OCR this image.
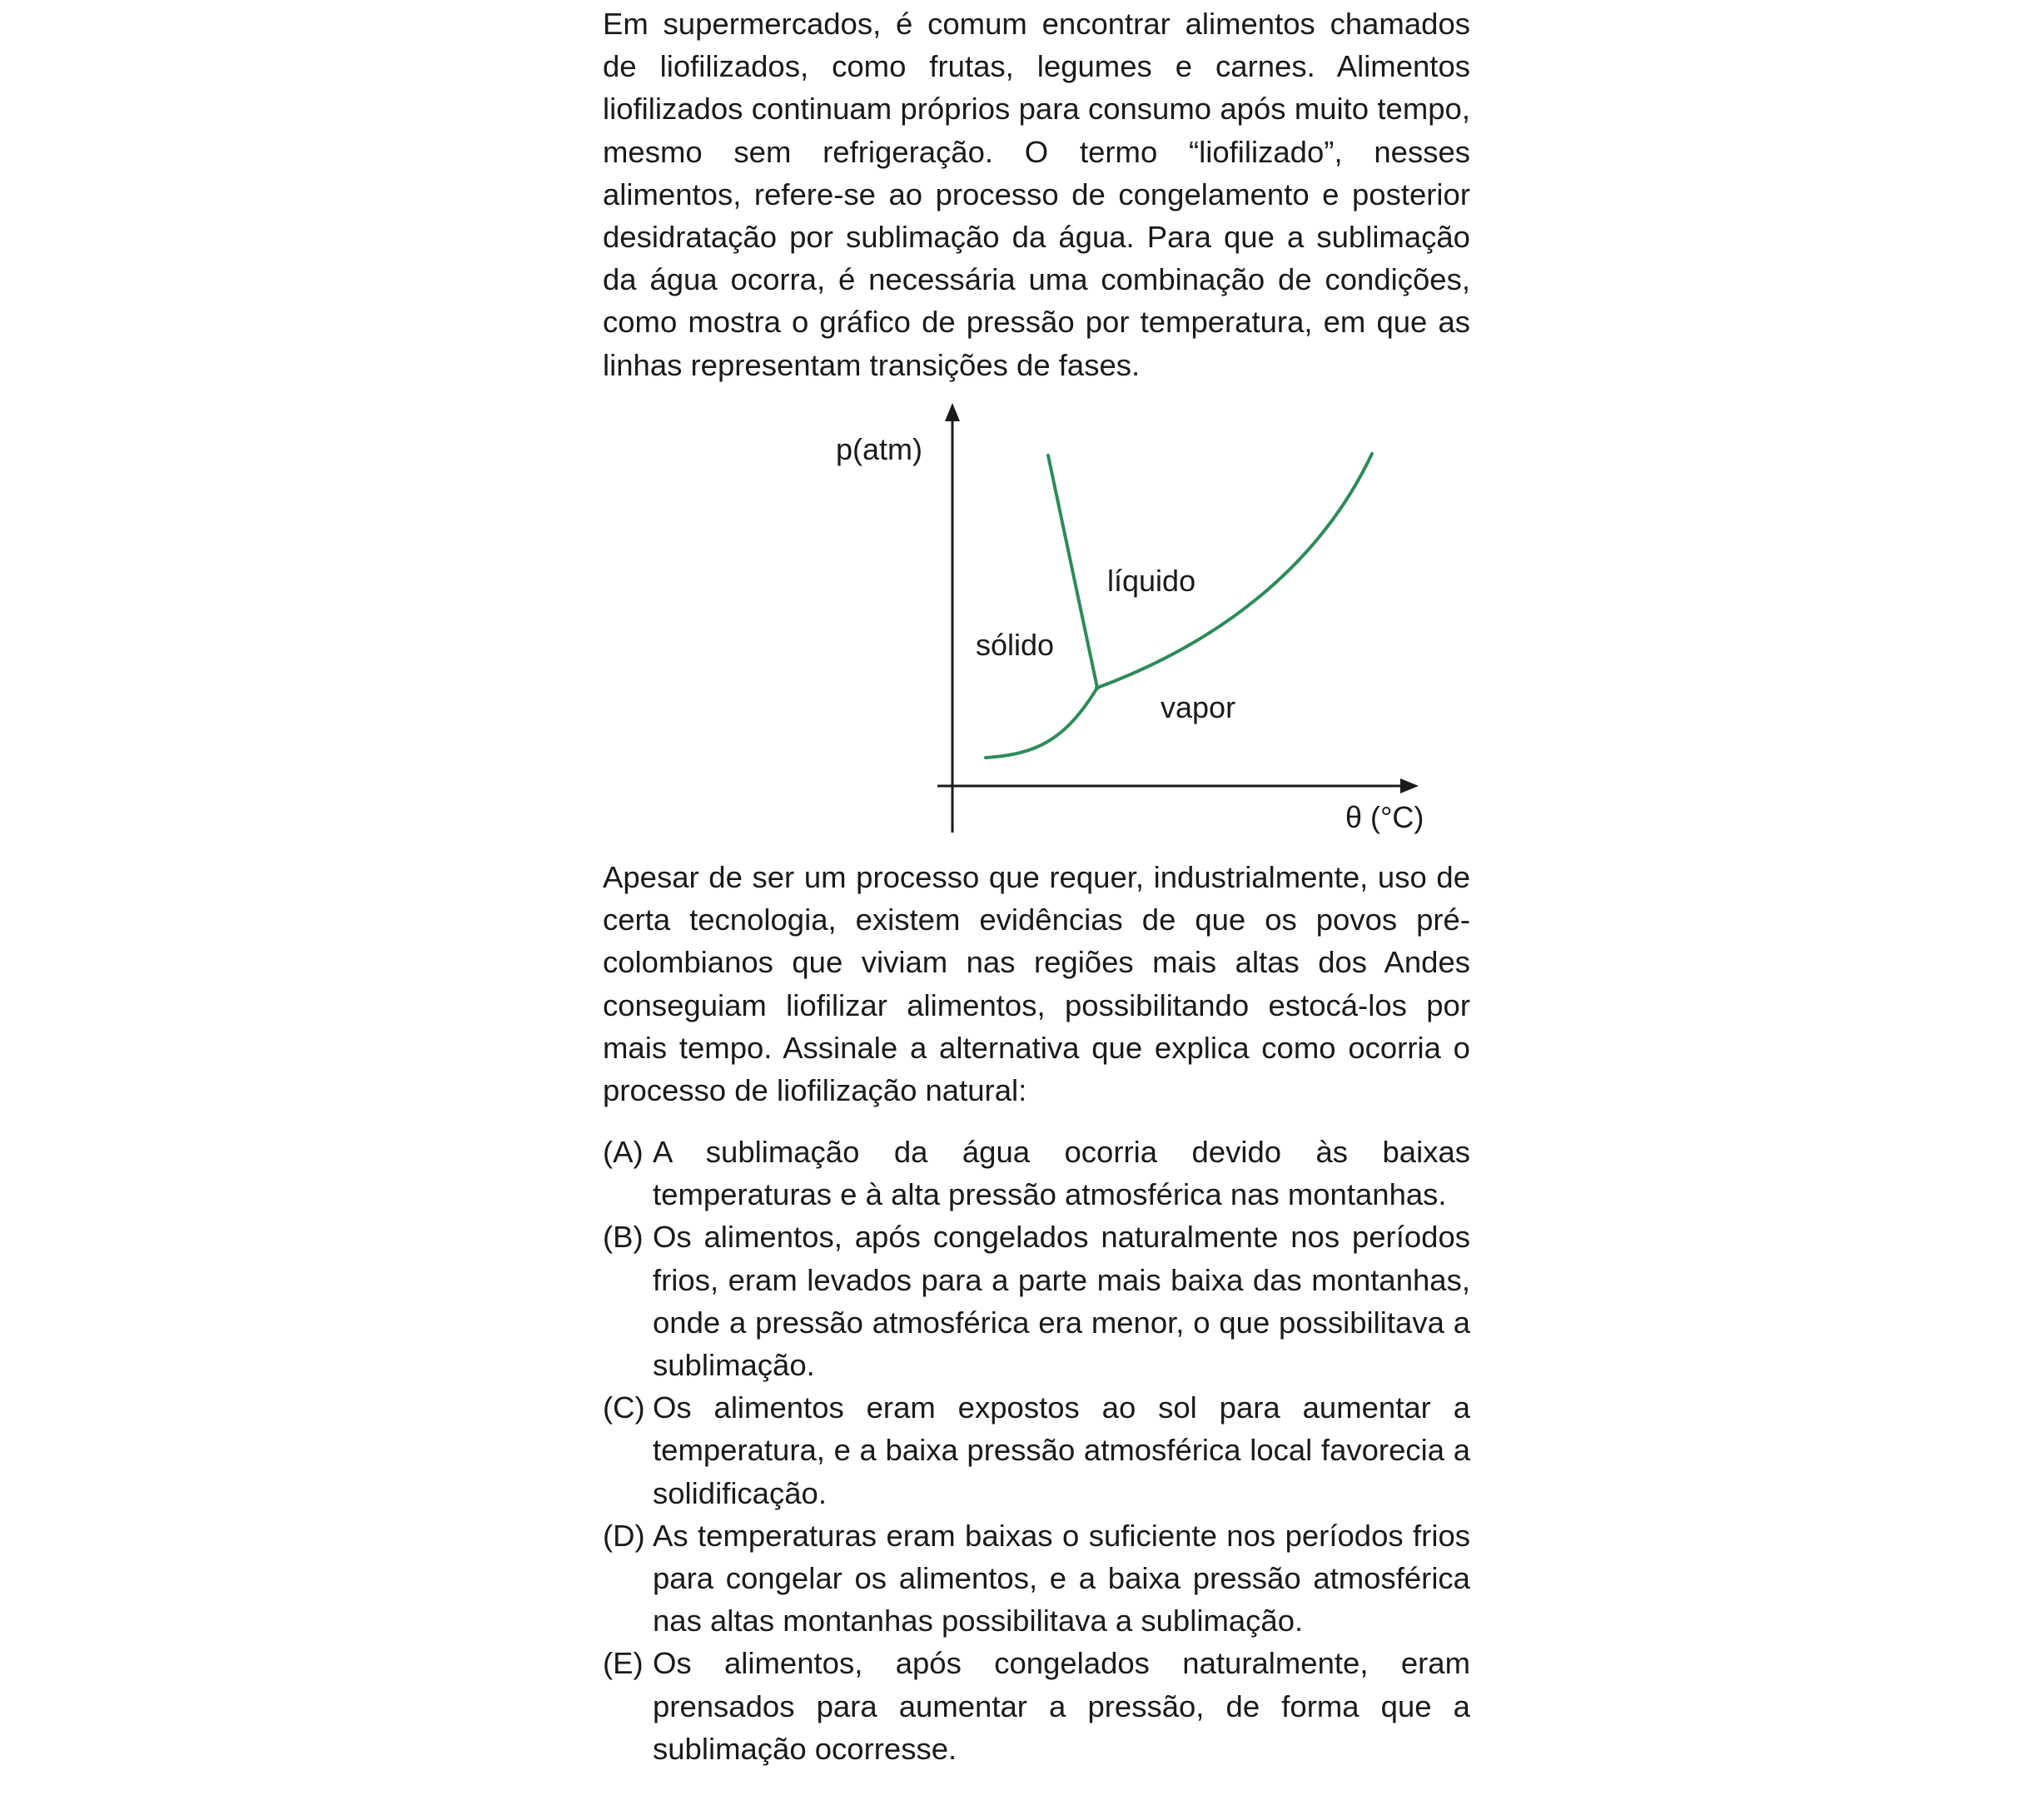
Em supermercados, é comum encontrar alimentos chamados de liofilizados, como frutas, legumes e carnes. Alimentos liofilizados continuam próprios para consumo após muito tempo, mesmo sem refrigeração. O termo “liofilizado”, nesses alimentos, refere-se ao processo de congelamento e posterior desidratação por sublimação da água. Para que a sublimação da água ocorra, é necessária uma combinação de condições, como mostra o gráfico de pressão por temperatura, em que as linhas representam transições de fases.

p(atm)
θ (°C)
sólido
líquido
vapor

Apesar de ser um processo que requer, industrialmente, uso de certa tecnologia, existem evidências de que os povos pré-colombianos que viviam nas regiões mais altas dos Andes conseguiam liofilizar alimentos, possibilitando estocá-los por mais tempo. Assinale a alternativa que explica como ocorria o processo de liofilização natural:

(A) A sublimação da água ocorria devido às baixas temperaturas e à alta pressão atmosférica nas montanhas.
(B) Os alimentos, após congelados naturalmente nos períodos frios, eram levados para a parte mais baixa das montanhas, onde a pressão atmosférica era menor, o que possibilitava a sublimação.
(C) Os alimentos eram expostos ao sol para aumentar a temperatura, e a baixa pressão atmosférica local favorecia a solidificação.
(D) As temperaturas eram baixas o suficiente nos períodos frios para congelar os alimentos, e a baixa pressão atmosférica nas altas montanhas possibilitava a sublimação.
(E) Os alimentos, após congelados naturalmente, eram prensados para aumentar a pressão, de forma que a sublimação ocorresse.
